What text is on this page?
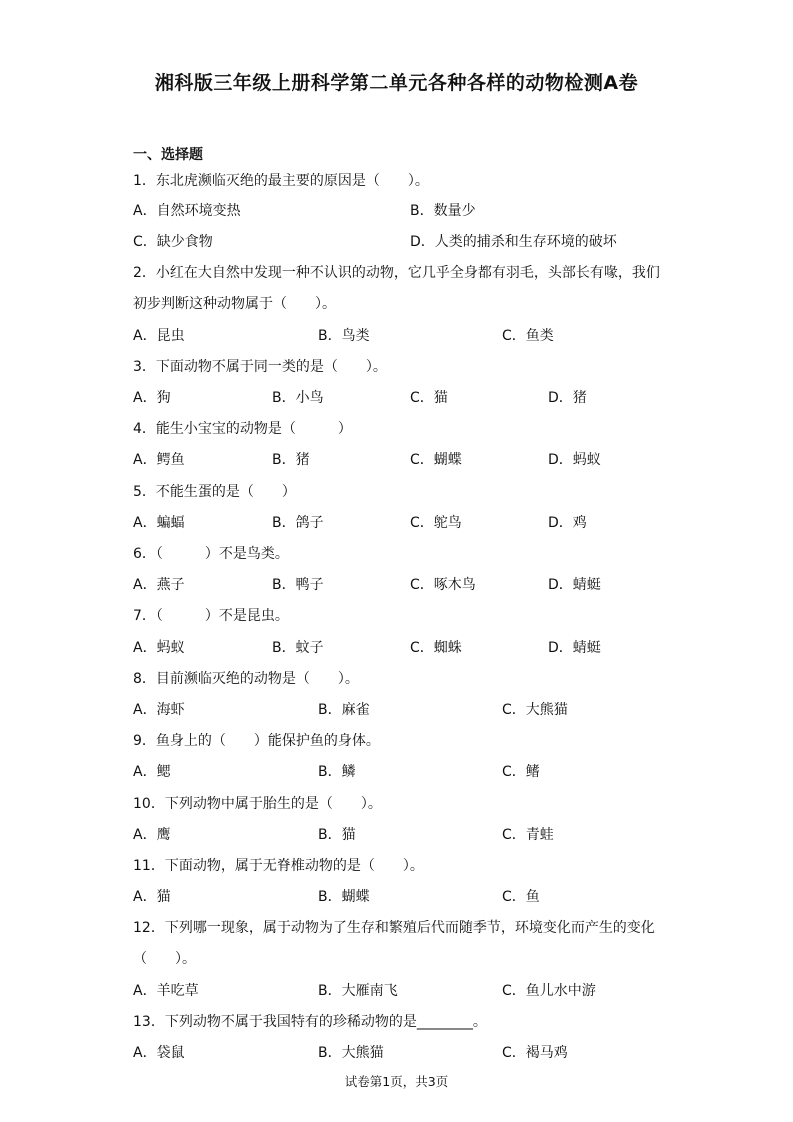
湘科版三年级上册科学第二单元各种各样的动物检测A卷
一、选择题
1．东北虎濒临灭绝的最主要的原因是（　　）。
A．自然环境变热	B．数量少
C．缺少食物	D．人类的捕杀和生存环境的破坏
2．小红在大自然中发现一种不认识的动物，它几乎全身都有羽毛，头部长有喙，我们
初步判断这种动物属于（　　）。
A．昆虫	B．鸟类	C．鱼类
3．下面动物不属于同一类的是（　　）。
A．狗	B．小鸟	C．猫	D．猪
4．能生小宝宝的动物是（　　　）
A．鳄鱼	B．猪	C．蝴蝶	D．蚂蚁
5．不能生蛋的是（　　）
A．蝙蝠	B．鸽子	C．鸵鸟	D．鸡
6．（　　　）不是鸟类。
A．燕子	B．鸭子	C．啄木鸟	D．蜻蜓
7．（　　　）不是昆虫。
A．蚂蚁	B．蚊子	C．蜘蛛	D．蜻蜓
8．目前濒临灭绝的动物是（　　）。
A．海虾	B．麻雀	C．大熊猫
9．鱼身上的（　　）能保护鱼的身体。
A．鳃	B．鳞	C．鳍
10．下列动物中属于胎生的是（　　）。
A．鹰	B．猫	C．青蛙
11．下面动物，属于无脊椎动物的是（　　）。
A．猫	B．蝴蝶	C．鱼
12．下列哪一现象，属于动物为了生存和繁殖后代而随季节，环境变化而产生的变化
（　　）。
A．羊吃草	B．大雁南飞	C．鱼儿水中游
13．下列动物不属于我国特有的珍稀动物的是________。
A．袋鼠	B．大熊猫	C．褐马鸡
试卷第1页，共3页
